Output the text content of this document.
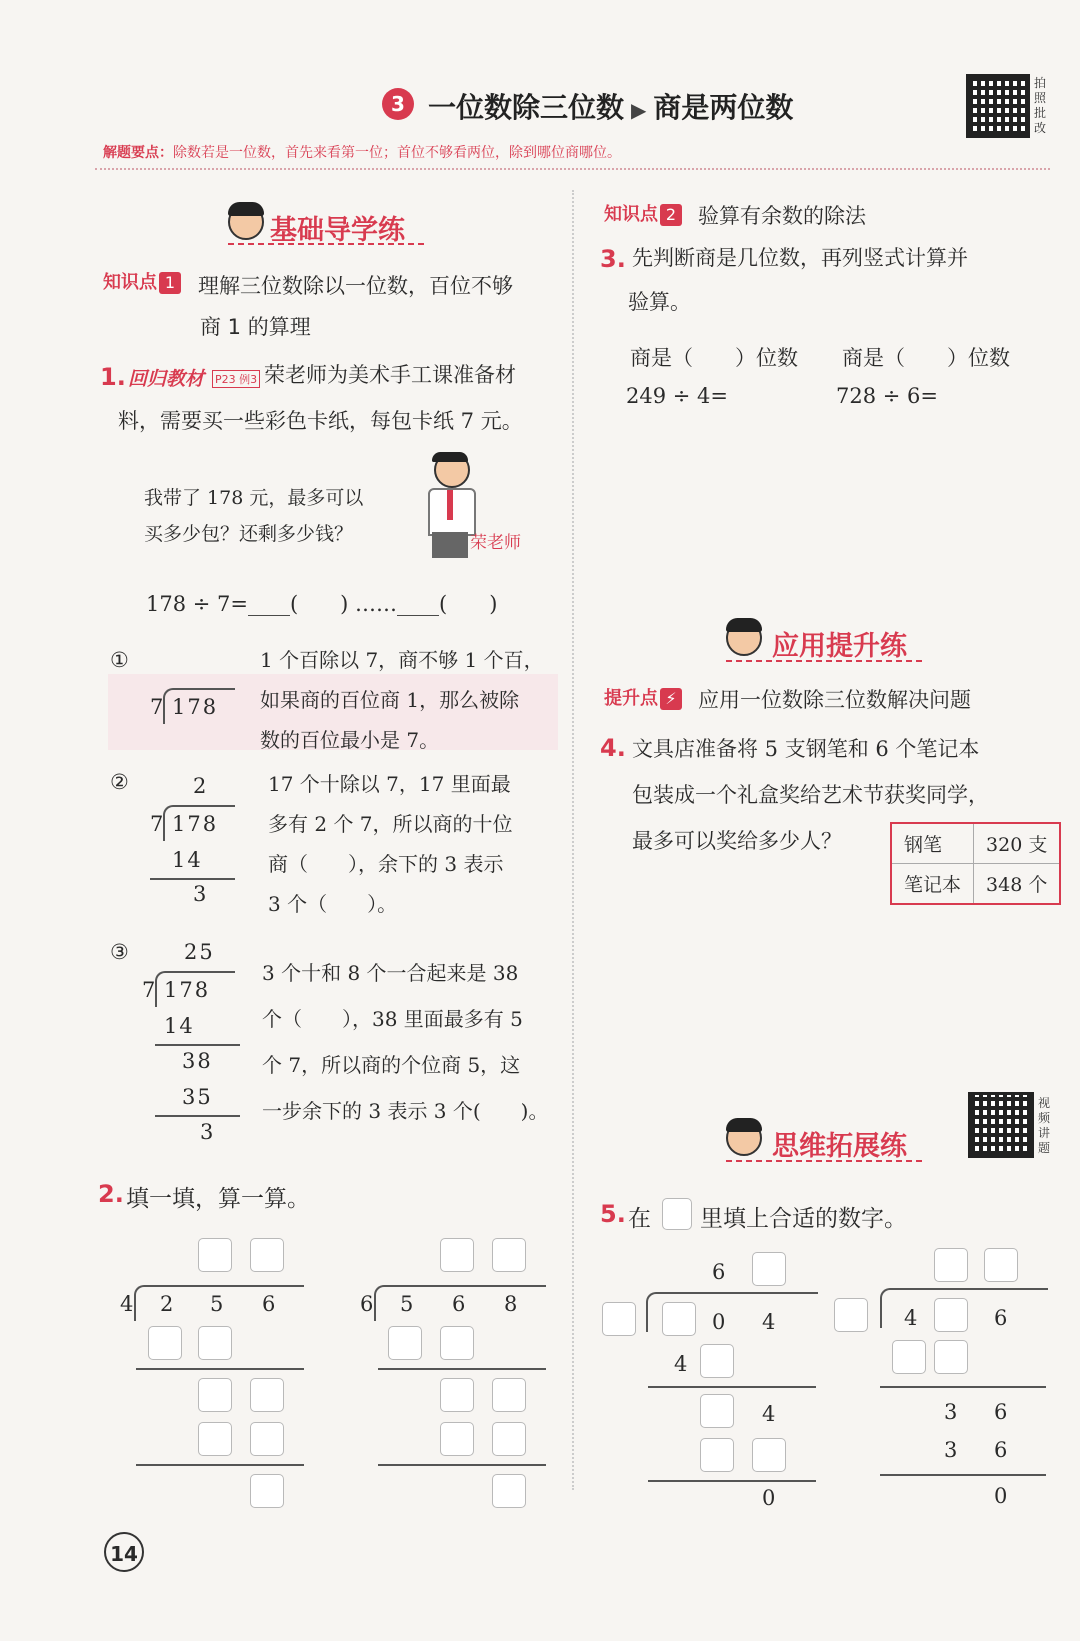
3 一位数除三位数 ▶ 商是两位数
拍照批改
解题要点：除数若是一位数，首先来看第一位；首位不够看两位，除到哪位商哪位。
基础导学练
知识点 1 理解三位数除以一位数，百位不够
商 1 的算理
1. 回归教材 P23 例3 荣老师为美术手工课准备材
料，需要买一些彩色卡纸，每包卡纸 7 元。
我带了 178 元，最多可以
买多少包？还剩多少钱？	荣老师
178 ÷ 7=____(　　) ……____(　　)
①
7 178
1 个百除以 7，商不够 1 个百，
如果商的百位商 1，那么被除
数的百位最小是 7。
②	2
7 178
14
3
17 个十除以 7，17 里面最
多有 2 个 7，所以商的十位
商（　　），余下的 3 表示
3 个（　　）。
③	25
7 178
14
38
35
3
3 个十和 8 个一合起来是 38
个（　　），38 里面最多有 5
个 7，所以商的个位商 5，这
一步余下的 3 表示 3 个(　　)。
2. 填一填，算一算。
4 2 5 6	6 5 6 8
14
知识点 2 验算有余数的除法
3. 先判断商是几位数，再列竖式计算并
验算。
商是（　　）位数 商是（　　）位数
249 ÷ 4=	728 ÷ 6=
应用提升练
提升点 ⚡ 应用一位数除三位数解决问题
4. 文具店准备将 5 支钢笔和 6 个笔记本
包装成一个礼盒奖给艺术节获奖同学，
最多可以奖给多少人？	钢笔	320 支
笔记本	348 个
视频讲题
思维拓展练
5. 在 里填上合适的数字。
6
0 4
4
4
0
4	6
3 6
3 6
0
